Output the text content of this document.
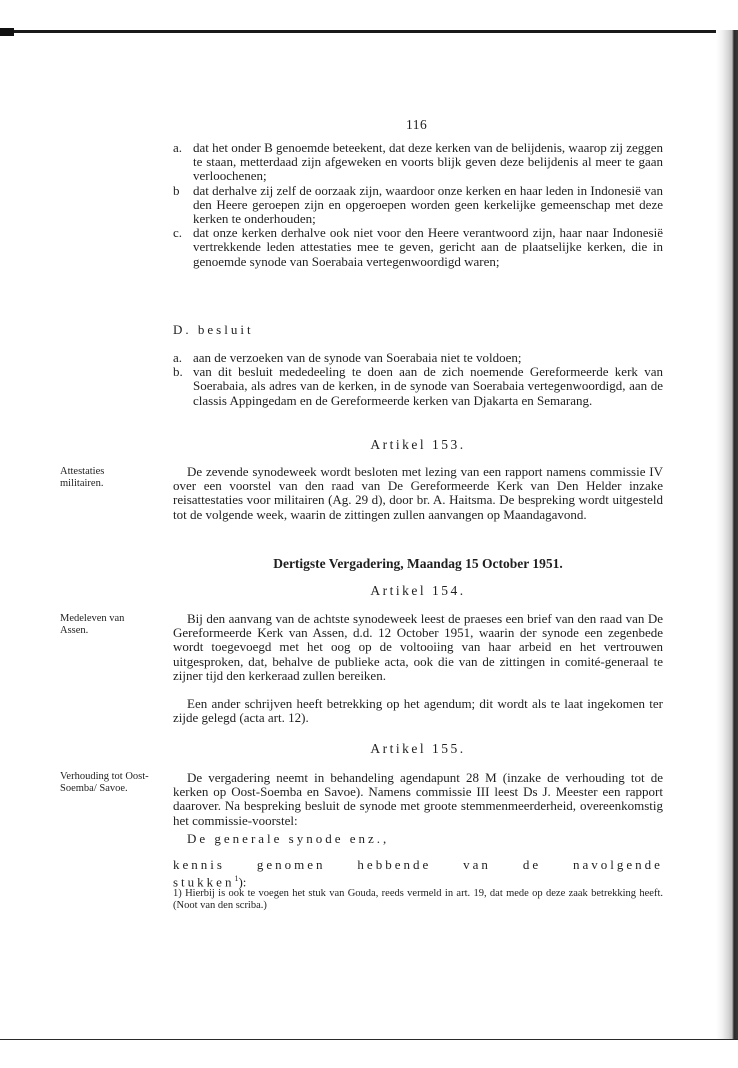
116
a. dat het onder B genoemde beteekent, dat deze kerken van de belijdenis, waarop zij zeggen te staan, metterdaad zijn afgeweken en voorts blijk geven deze belijdenis al meer te gaan verloochenen;
b dat derhalve zij zelf de oorzaak zijn, waardoor onze kerken en haar leden in Indonesië van den Heere geroepen zijn en opgeroepen worden geen kerkelijke gemeenschap met deze kerken te onderhouden;
c. dat onze kerken derhalve ook niet voor den Heere verantwoord zijn, haar naar Indonesië vertrekkende leden attestaties mee te geven, gericht aan de plaatselijke kerken, die in genoemde synode van Soerabaia vertegenwoordigd waren;
D. besluit
a. aan de verzoeken van de synode van Soerabaia niet te voldoen;
b. van dit besluit mededeeling te doen aan de zich noemende Gereformeerde kerk van Soerabaia, als adres van de kerken, in de synode van Soerabaia vertegenwoordigd, aan de classis Appingedam en de Gereformeerde kerken van Djakarta en Semarang.
Artikel 153.
Attestaties militairen.
De zevende synodeweek wordt besloten met lezing van een rapport namens commissie IV over een voorstel van den raad van De Gereformeerde Kerk van Den Helder inzake reisattestaties voor militairen (Ag. 29 d), door br. A. Haitsma. De bespreking wordt uitgesteld tot de volgende week, waarin de zittingen zullen aanvangen op Maandagavond.
Dertigste Vergadering, Maandag 15 October 1951.
Artikel 154.
Medeleven van Assen.
Bij den aanvang van de achtste synodeweek leest de praeses een brief van den raad van De Gereformeerde Kerk van Assen, d.d. 12 October 1951, waarin der synode een zegenbede wordt toegevoegd met het oog op de voltooiing van haar arbeid en het vertrouwen uitgesproken, dat, behalve de publieke acta, ook die van de zittingen in comité-generaal te zijner tijd den kerkeraad zullen bereiken.
Een ander schrijven heeft betrekking op het agendum; dit wordt als te laat ingekomen ter zijde gelegd (acta art. 12).
Artikel 155.
Verhouding tot Oost-Soemba/ Savoe.
De vergadering neemt in behandeling agendapunt 28 M (inzake de verhouding tot de kerken op Oost-Soemba en Savoe). Namens commissie III leest Ds J. Meester een rapport daarover. Na bespreking besluit de synode met groote stemmenmeerderheid, overeenkomstig het commissie-voorstel:
De generale synode enz.,
kennis genomen hebbende van de navolgende
stukken$^1$):
1) Hierbij is ook te voegen het stuk van Gouda, reeds vermeld in art. 19, dat mede op deze zaak betrekking heeft. (Noot van den scriba.)
